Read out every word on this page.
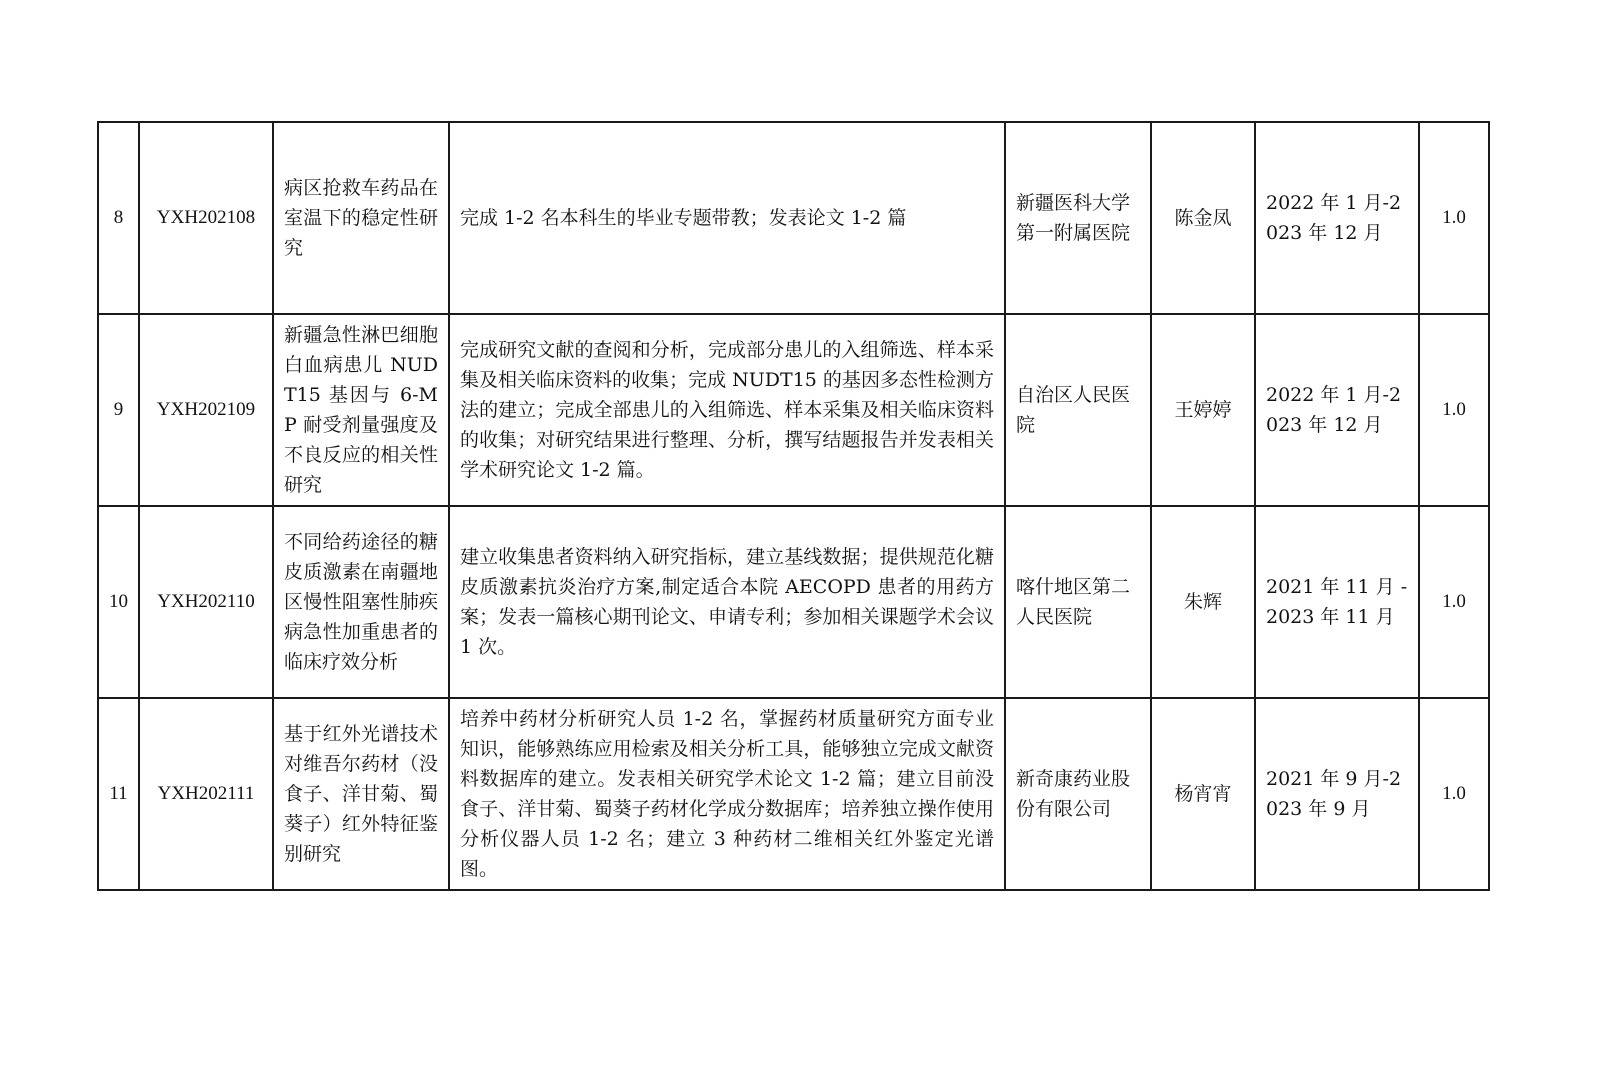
8	YXH202108	病区抢救车药品在室温下的稳定性研究	完成 1-2 名本科生的毕业专题带教；发表论文 1-2 篇	新疆医科大学第一附属医院	陈金凤	2022 年 1 月-2023 年 12 月	1.0
9	YXH202109	新疆急性淋巴细胞白血病患儿 NUDT15 基因与 6-MP 耐受剂量强度及不良反应的相关性研究	完成研究文献的查阅和分析，完成部分患儿的入组筛选、样本采集及相关临床资料的收集；完成 NUDT15 的基因多态性检测方法的建立；完成全部患儿的入组筛选、样本采集及相关临床资料的收集；对研究结果进行整理、分析，撰写结题报告并发表相关学术研究论文 1-2 篇。	自治区人民医院	王婷婷	2022 年 1 月-2023 年 12 月	1.0
10	YXH202110	不同给药途径的糖皮质激素在南疆地区慢性阻塞性肺疾病急性加重患者的临床疗效分析	建立收集患者资料纳入研究指标，建立基线数据；提供规范化糖皮质激素抗炎治疗方案,制定适合本院 AECOPD 患者的用药方案；发表一篇核心期刊论文、申请专利；参加相关课题学术会议 1 次。	喀什地区第二人民医院	朱辉	2021 年 11 月 -2023 年 11 月	1.0
11	YXH202111	基于红外光谱技术对维吾尔药材（没食子、洋甘菊、蜀葵子）红外特征鉴别研究	培养中药材分析研究人员 1-2 名，掌握药材质量研究方面专业知识，能够熟练应用检索及相关分析工具，能够独立完成文献资料数据库的建立。发表相关研究学术论文 1-2 篇；建立目前没食子、洋甘菊、蜀葵子药材化学成分数据库；培养独立操作使用分析仪器人员 1-2 名；建立 3 种药材二维相关红外鉴定光谱图。	新奇康药业股份有限公司	杨宵宵	2021 年 9 月-2023 年 9 月	1.0
